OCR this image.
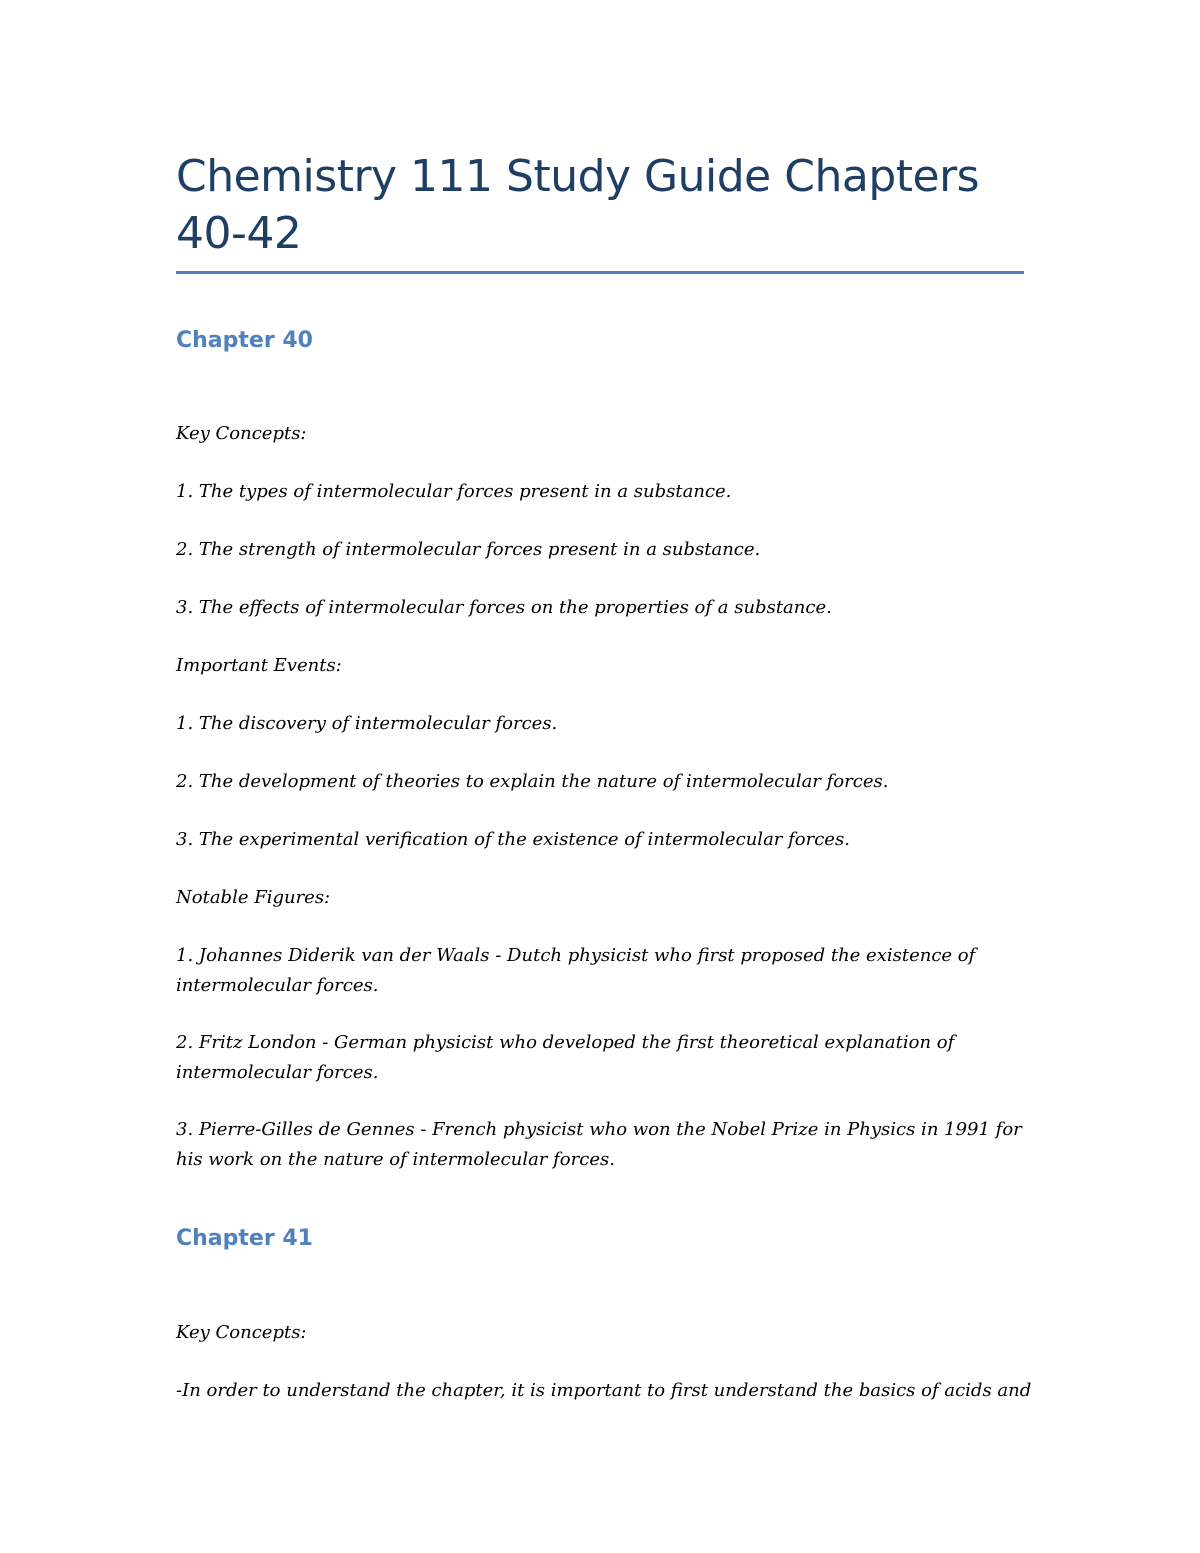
Chemistry 111 Study Guide Chapters 40-42
Chapter 40

Key Concepts:

1. The types of intermolecular forces present in a substance.

2. The strength of intermolecular forces present in a substance.

3. The effects of intermolecular forces on the properties of a substance.

Important Events:

1. The discovery of intermolecular forces.

2. The development of theories to explain the nature of intermolecular forces.

3. The experimental verification of the existence of intermolecular forces.

Notable Figures:

1. Johannes Diderik van der Waals - Dutch physicist who first proposed the existence of intermolecular forces.

2. Fritz London - German physicist who developed the first theoretical explanation of intermolecular forces.

3. Pierre-Gilles de Gennes - French physicist who won the Nobel Prize in Physics in 1991 for his work on the nature of intermolecular forces.

Chapter 41

Key Concepts:

-In order to understand the chapter, it is important to first understand the basics of acids and
